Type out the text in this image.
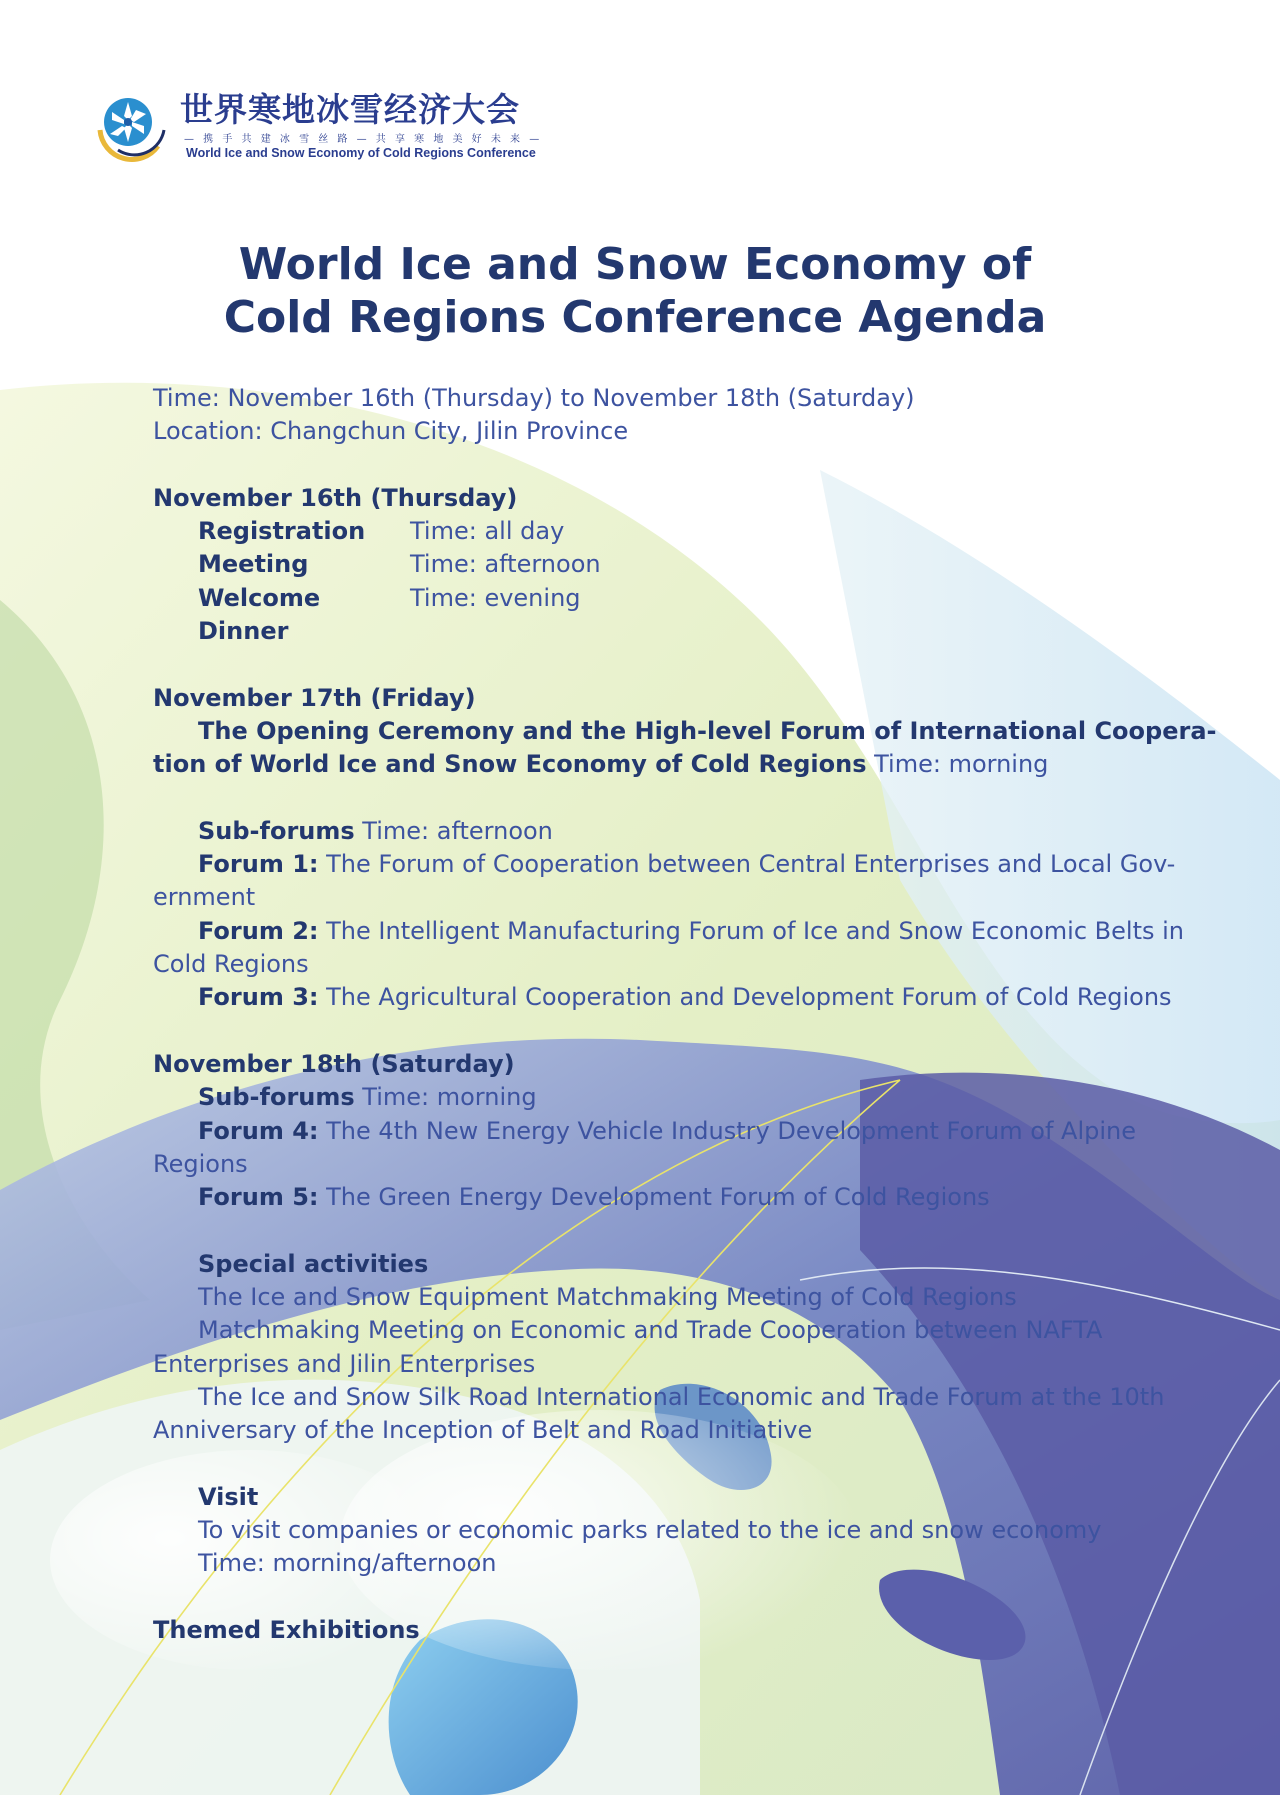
世界寒地冰雪经济大会
— 携 手 共 建 冰 雪 丝 路 — 共 享 寒 地 美 好 未 来 —
World Ice and Snow Economy of Cold Regions Conference
World Ice and Snow Economy of
Cold Regions Conference Agenda
Time: November 16th (Thursday) to November 18th (Saturday)
Location: Changchun City, Jilin Province
November 16th (Thursday)
Registration	Time: all day
Meeting	Time: afternoon
Welcome Dinner
Time: evening
November 17th (Friday)
The Opening Ceremony and the High-level Forum of International Coopera-
tion of World Ice and Snow Economy of Cold Regions Time: morning
Sub-forums Time: afternoon
Forum 1: The Forum of Cooperation between Central Enterprises and Local Gov-
ernment
Forum 2: The Intelligent Manufacturing Forum of Ice and Snow Economic Belts in
Cold Regions
Forum 3: The Agricultural Cooperation and Development Forum of Cold Regions
November 18th (Saturday)
Sub-forums Time: morning
Forum 4: The 4th New Energy Vehicle Industry Development Forum of Alpine
Regions
Forum 5: The Green Energy Development Forum of Cold Regions
Special activities
The Ice and Snow Equipment Matchmaking Meeting of Cold Regions
Matchmaking Meeting on Economic and Trade Cooperation between NAFTA
Enterprises and Jilin Enterprises
The Ice and Snow Silk Road International Economic and Trade Forum at the 10th
Anniversary of the Inception of Belt and Road Initiative
Visit
To visit companies or economic parks related to the ice and snow economy
Time: morning/afternoon
Themed Exhibitions
